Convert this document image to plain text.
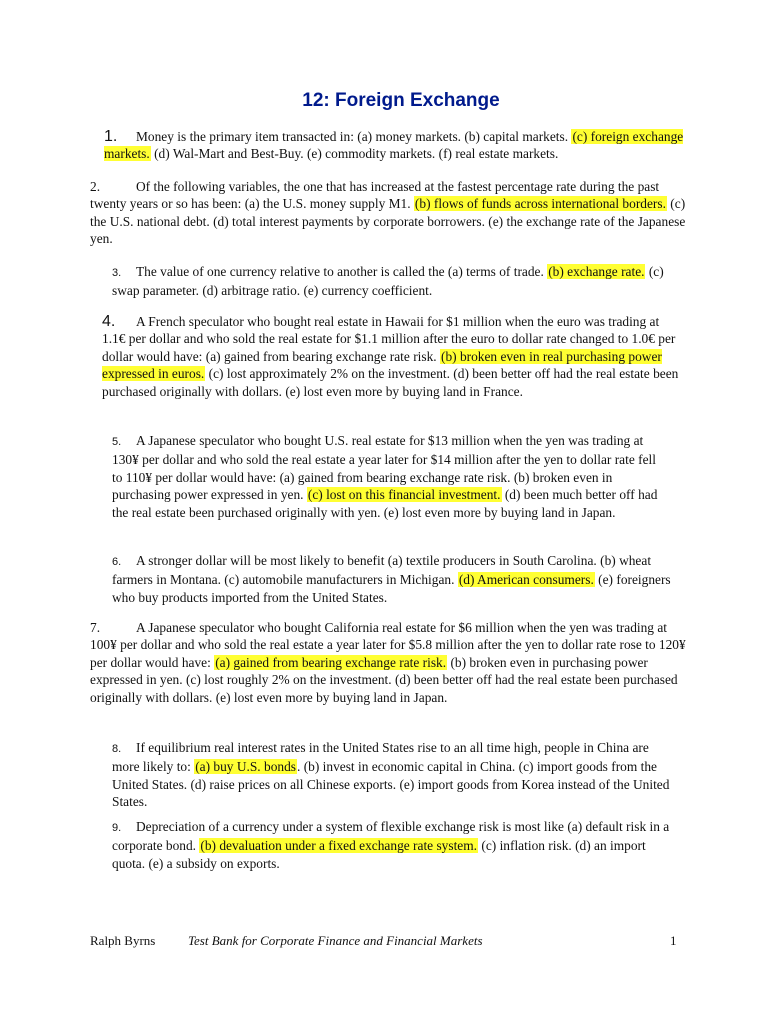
12: Foreign Exchange
1. Money is the primary item transacted in: (a) money markets. (b) capital markets. (c) foreign exchange markets. (d) Wal-Mart and Best-Buy. (e) commodity markets. (f) real estate markets.
2.	Of the following variables, the one that has increased at the fastest percentage rate during the past twenty years or so has been: (a) the U.S. money supply M1. (b) flows of funds across international borders. (c) the U.S. national debt. (d) total interest payments by corporate borrowers. (e) the exchange rate of the Japanese yen.
3. The value of one currency relative to another is called the (a) terms of trade. (b) exchange rate. (c) swap parameter. (d) arbitrage ratio. (e) currency coefficient.
4. A French speculator who bought real estate in Hawaii for $1 million when the euro was trading at 1.1€ per dollar and who sold the real estate for $1.1 million after the euro to dollar rate changed to 1.0€ per dollar would have: (a) gained from bearing exchange rate risk. (b) broken even in real purchasing power expressed in euros. (c) lost approximately 2% on the investment. (d) been better off had the real estate been purchased originally with dollars. (e) lost even more by buying land in France.
5. A Japanese speculator who bought U.S. real estate for $13 million when the yen was trading at 130¥ per dollar and who sold the real estate a year later for $14 million after the yen to dollar rate fell to 110¥ per dollar would have: (a) gained from bearing exchange rate risk. (b) broken even in purchasing power expressed in yen. (c) lost on this financial investment. (d) been much better off had the real estate been purchased originally with yen. (e) lost even more by buying land in Japan.
6. A stronger dollar will be most likely to benefit (a) textile producers in South Carolina. (b) wheat farmers in Montana. (c) automobile manufacturers in Michigan. (d) American consumers. (e) foreigners who buy products imported from the United States.
7.	A Japanese speculator who bought California real estate for $6 million when the yen was trading at 100¥ per dollar and who sold the real estate a year later for $5.8 million after the yen to dollar rate rose to 120¥ per dollar would have: (a) gained from bearing exchange rate risk. (b) broken even in purchasing power expressed in yen. (c) lost roughly 2% on the investment. (d) been better off had the real estate been purchased originally with dollars. (e) lost even more by buying land in Japan.
8. If equilibrium real interest rates in the United States rise to an all time high, people in China are more likely to: (a) buy U.S. bonds. (b) invest in economic capital in China. (c) import goods from the United States. (d) raise prices on all Chinese exports. (e) import goods from Korea instead of the United States.
9. Depreciation of a currency under a system of flexible exchange risk is most like (a) default risk in a corporate bond. (b) devaluation under a fixed exchange rate system. (c) inflation risk. (d) an import quota. (e) a subsidy on exports.
Ralph Byrns	Test Bank for Corporate Finance and Financial Markets	1
